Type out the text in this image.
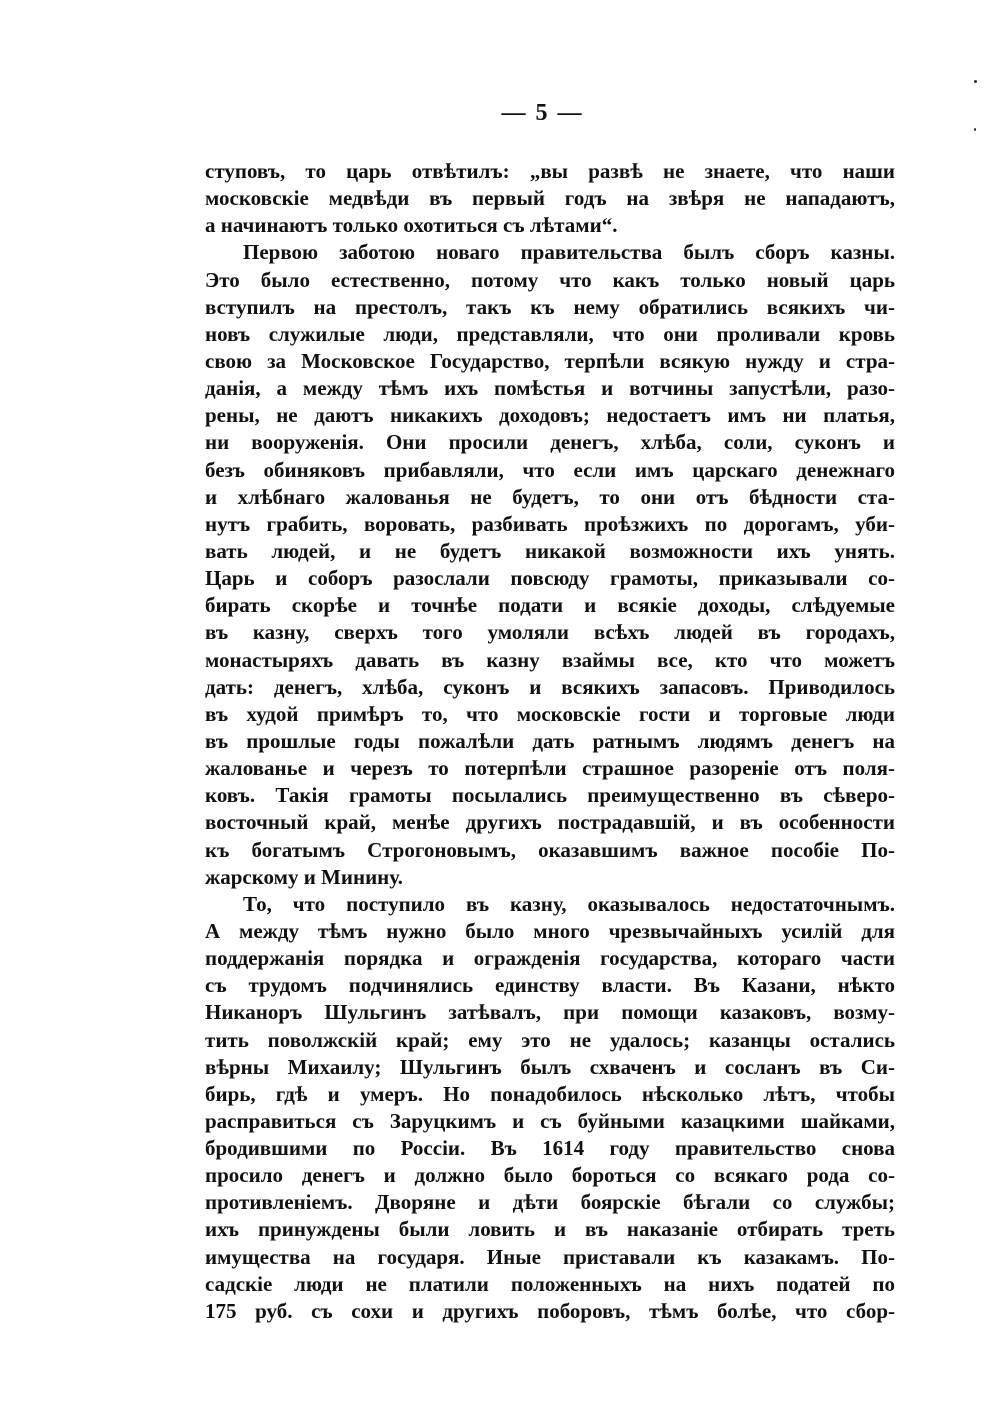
— 5 —
ступовъ, то царь отвѣтилъ: „вы развѣ не знаете, что наши
московскіе медвѣди въ первый годъ на звѣря не нападаютъ,
а начинаютъ только охотиться съ лѣтами“.
Первою заботою новаго правительства былъ сборъ казны.
Это было естественно, потому что какъ только новый царь
вступилъ на престолъ, такъ къ нему обратились всякихъ чи-
новъ служилые люди, представляли, что они проливали кровь
свою за Московское Государство, терпѣли всякую нужду и стра-
данія, а между тѣмъ ихъ помѣстья и вотчины запустѣли, разо-
рены, не даютъ никакихъ доходовъ; недостаетъ имъ ни платья,
ни вооруженія. Они просили денегъ, хлѣба, соли, суконъ и
безъ обиняковъ прибавляли, что если имъ царскаго денежнаго
и хлѣбнаго жалованья не будетъ, то они отъ бѣдности ста-
нутъ грабить, воровать, разбивать проѣзжихъ по дорогамъ, уби-
вать людей, и не будетъ никакой возможности ихъ унять.
Царь и соборъ разослали повсюду грамоты, приказывали со-
бирать скорѣе и точнѣе подати и всякіе доходы, слѣдуемые
въ казну, сверхъ того умоляли всѣхъ людей въ городахъ,
монастыряхъ давать въ казну взаймы все, кто что можетъ
дать: денегъ, хлѣба, суконъ и всякихъ запасовъ. Приводилось
въ худой примѣръ то, что московскіе гости и торговые люди
въ прошлые годы пожалѣли дать ратнымъ людямъ денегъ на
жалованье и черезъ то потерпѣли страшное разореніе отъ поля-
ковъ. Такія грамоты посылались преимущественно въ сѣверо-
восточный край, менѣе другихъ пострадавшій, и въ особенности
къ богатымъ Строгоновымъ, оказавшимъ важное пособіе По-
жарскому и Минину.
То, что поступило въ казну, оказывалось недостаточнымъ.
А между тѣмъ нужно было много чрезвычайныхъ усилій для
поддержанія порядка и огражденія государства, котораго части
съ трудомъ подчинялись единству власти. Въ Казани, нѣкто
Никаноръ Шульгинъ затѣвалъ, при помощи казаковъ, возму-
тить поволжскій край; ему это не удалось; казанцы остались
вѣрны Михаилу; Шульгинъ былъ схваченъ и сосланъ въ Си-
бирь, гдѣ и умеръ. Но понадобилось нѣсколько лѣтъ, чтобы
расправиться съ Заруцкимъ и съ буйными казацкими шайками,
бродившими по Россіи. Въ 1614 году правительство снова
просило денегъ и должно было бороться со всякаго рода со-
противленіемъ. Дворяне и дѣти боярскіе бѣгали со службы;
ихъ принуждены были ловить и въ наказаніе отбирать треть
имущества на государя. Иные приставали къ казакамъ. По-
садскіе люди не платили положенныхъ на нихъ податей по
175 руб. съ сохи и другихъ поборовъ, тѣмъ болѣе, что сбор-
